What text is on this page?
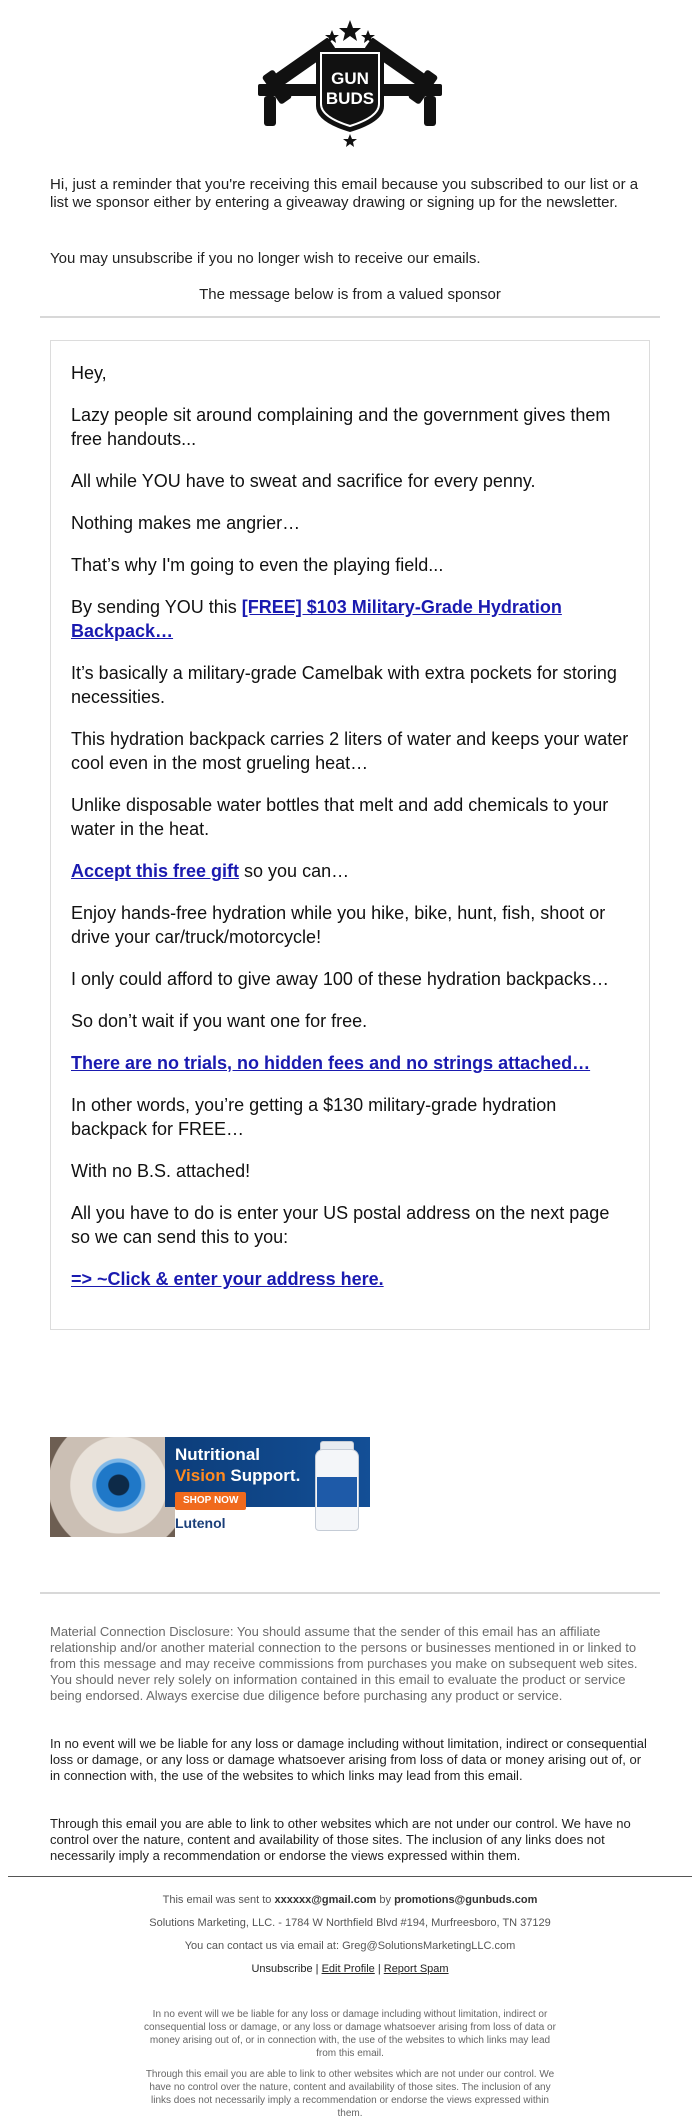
GUN
BUDS

Hi, just a reminder that you're receiving this email because you subscribed to our list or a list we sponsor either by entering a giveaway drawing or signing up for the newsletter.

You may unsubscribe if you no longer wish to receive our emails.

The message below is from a valued sponsor

Hey,

Lazy people sit around complaining and the government gives them free handouts...

All while YOU have to sweat and sacrifice for every penny.

Nothing makes me angrier…

That’s why I'm going to even the playing field...

By sending YOU this [FREE] $103 Military-Grade Hydration Backpack…

It’s basically a military-grade Camelbak with extra pockets for storing necessities.

This hydration backpack carries 2 liters of water and keeps your water cool even in the most grueling heat…

Unlike disposable water bottles that melt and add chemicals to your water in the heat.

Accept this free gift so you can…

Enjoy hands-free hydration while you hike, bike, hunt, fish, shoot or drive your car/truck/motorcycle!

I only could afford to give away 100 of these hydration backpacks…

So don’t wait if you want one for free.

There are no trials, no hidden fees and no strings attached…

In other words, you’re getting a $130 military-grade hydration backpack for FREE…

With no B.S. attached!

All you have to do is enter your US postal address on the next page so we can send this to you:

=> ~Click & enter your address here.

Nutritional
Vision Support.
SHOP NOW
Lutenol

Material Connection Disclosure: You should assume that the sender of this email has an affiliate relationship and/or another material connection to the persons or businesses mentioned in or linked to from this message and may receive commissions from purchases you make on subsequent web sites. You should never rely solely on information contained in this email to evaluate the product or service being endorsed. Always exercise due diligence before purchasing any product or service.

In no event will we be liable for any loss or damage including without limitation, indirect or consequential loss or damage, or any loss or damage whatsoever arising from loss of data or money arising out of, or in connection with, the use of the websites to which links may lead from this email.

Through this email you are able to link to other websites which are not under our control. We have no control over the nature, content and availability of those sites. The inclusion of any links does not necessarily imply a recommendation or endorse the views expressed within them.

This email was sent to xxxxxx@gmail.com by promotions@gunbuds.com

Solutions Marketing, LLC. - 1784 W Northfield Blvd #194, Murfreesboro, TN 37129

You can contact us via email at: Greg@SolutionsMarketingLLC.com

Unsubscribe | Edit Profile | Report Spam

In no event will we be liable for any loss or damage including without limitation, indirect or consequential loss or damage, or any loss or damage whatsoever arising from loss of data or money arising out of, or in connection with, the use of the websites to which links may lead from this email.

Through this email you are able to link to other websites which are not under our control. We have no control over the nature, content and availability of those sites. The inclusion of any links does not necessarily imply a recommendation or endorse the views expressed within them.
